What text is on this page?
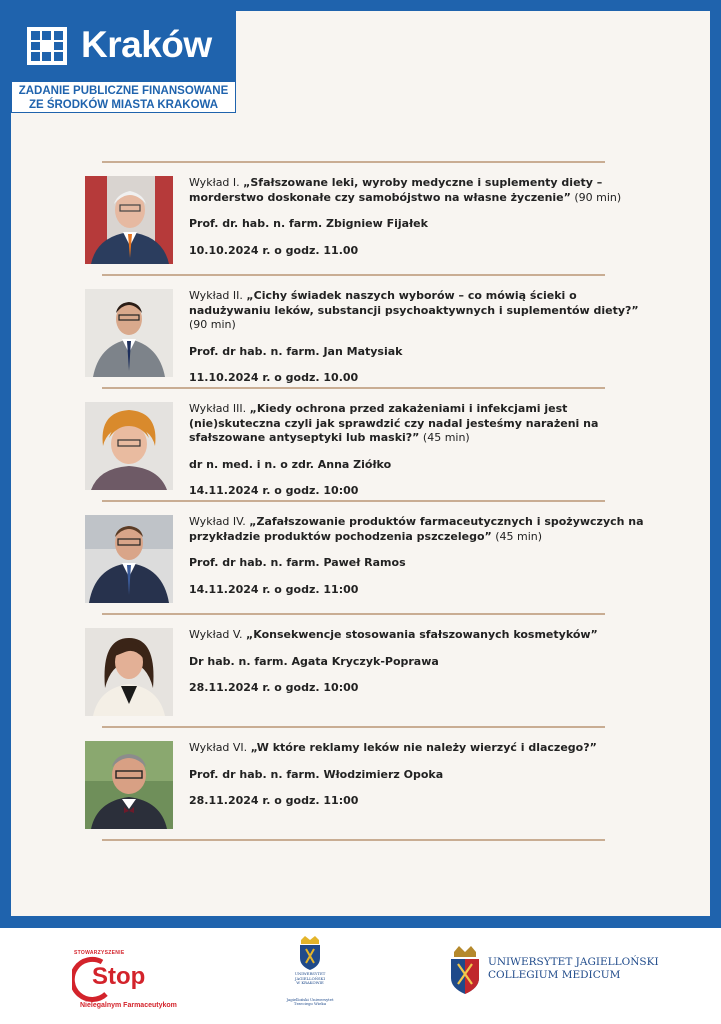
Kraków
ZADANIE PUBLICZNE FINANSOWANE
ZE ŚRODKÓW MIASTA KRAKOWA
Wykład I. „Sfałszowane leki, wyroby medyczne i suplementy diety – morderstwo doskonałe czy samobójstwo na własne życzenie” (90 min)
Prof. dr. hab. n. farm. Zbigniew Fijałek
10.10.2024 r. o godz. 11.00
Wykład II. „Cichy świadek naszych wyborów – co mówią ścieki o nadużywaniu leków, substancji psychoaktywnych i suplementów diety?” (90 min)
Prof. dr hab. n. farm. Jan Matysiak
11.10.2024 r. o godz. 10.00
Wykład III. „Kiedy ochrona przed zakażeniami i infekcjami jest (nie)skuteczna czyli jak sprawdzić czy nadal jesteśmy narażeni na sfałszowane antyseptyki lub maski?” (45 min)
dr n. med. i n. o zdr. Anna Ziółko
14.11.2024 r. o godz. 10:00
Wykład IV. „Zafałszowanie produktów farmaceutycznych i spożywczych na przykładzie produktów pochodzenia pszczelego” (45 min)
Prof. dr hab. n. farm. Paweł Ramos
14.11.2024 r. o godz. 11:00
Wykład V. „Konsekwencje stosowania sfałszowanych kosmetyków”
Dr hab. n. farm. Agata Kryczyk-Poprawa
28.11.2024 r. o godz. 10:00
Wykład VI. „W które reklamy leków nie należy wierzyć i dlaczego?”
Prof. dr hab. n. farm. Włodzimierz Opoka
28.11.2024 r. o godz. 11:00
STOWARZYSZENIE
Stop
Nielegalnym Farmaceutykom
UNIWERSYTET
JAGIELLOŃSKI
W KRAKOWIE
Jagielloński Uniwersytet
Trzeciego Wieku
UNIWERSYTET JAGIELLOŃSKI
COLLEGIUM MEDICUM
